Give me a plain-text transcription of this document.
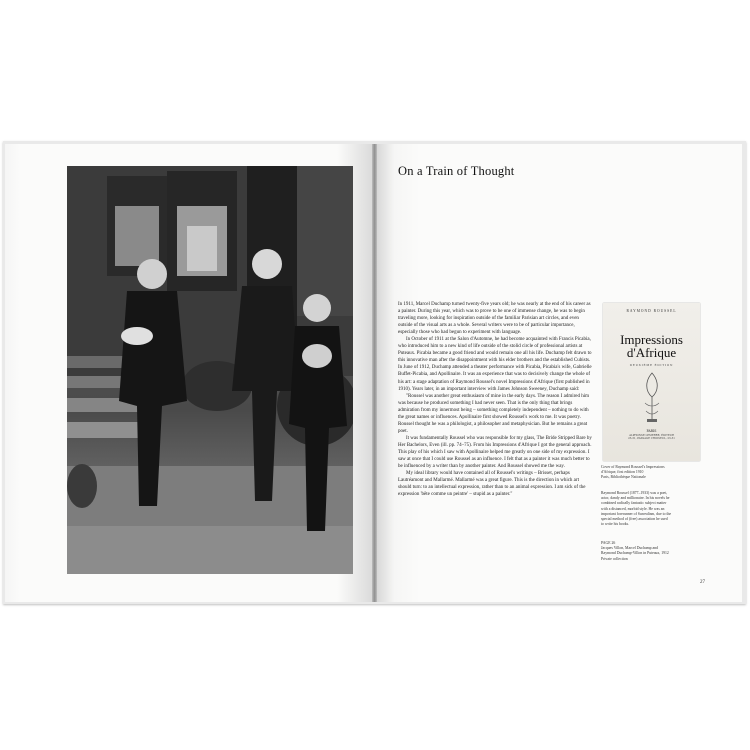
On a Train of Thought

In 1911, Marcel Duchamp turned twenty-five years old; he was nearly at the end of his career as a painter. During this year, which was to prove to be one of immense change, he was to begin traveling more, looking for inspiration outside of the familiar Parisian art circles, and even outside of the visual arts as a whole. Several writers were to be of particular importance, especially those who had begun to experiment with language.

In October of 1911 at the Salon d'Automne, he had become acquainted with Francis Picabia, who introduced him to a new kind of life outside of the stolid circle of professional artists at Puteaux. Picabia became a good friend and would remain one all his life. Duchamp felt drawn to this innovative man after the disappointment with his elder brothers and the established Cubists. In June of 1912, Duchamp attended a theater performance with Picabia, Picabia's wife, Gabrielle Buffet-Picabia, and Apollinaire. It was an experience that was to decisively change the whole of his art: a stage adaptation of Raymond Roussel's novel Impressions d'Afrique (first published in 1910). Years later, in an important interview with James Johnson Sweeney, Duchamp said:

"Roussel was another great enthusiasm of mine in the early days. The reason I admired him was because he produced something I had never seen. That is the only thing that brings admiration from my innermost being – something completely independent – nothing to do with the great names or influences. Apollinaire first showed Roussel's work to me. It was poetry. Roussel thought he was a philologist, a philosopher and metaphysician. But he remains a great poet.

It was fundamentally Roussel who was responsible for my glass, The Bride Stripped Bare by Her Bachelors, Even (ill. pp. 74–75). From his Impressions d'Afrique I got the general approach. This play of his which I saw with Apollinaire helped me greatly on one side of my expression. I saw at once that I could use Roussel as an influence. I felt that as a painter it was much better to be influenced by a writer than by another painter. And Roussel showed me the way.

My ideal library would have contained all of Roussel's writings – Brisset, perhaps Lautréamont and Mallarmé. Mallarmé was a great figure. This is the direction in which art should turn: to an intellectual expression, rather than to an animal expression. I am sick of the expression 'bête comme un peintre' – stupid as a painter."

RAYMOND ROUSSEL
Impressions
d'Afrique
DEUXIÈME ÉDITION
PARIS
ALPHONSE LEMERRE, ÉDITEUR
23-31, PASSAGE CHOISEUL, 23-31

Cover of Raymond Roussel's Impressions

d'Afrique, first edition 1910

Paris, Bibliothèque Nationale

Raymond Roussel (1877–1933) was a poet,

actor, dandy and millionaire. In his novels he

combined radically fantastic subject matter

with a distanced, morbid style. He was an

important forerunner of Surrealism, due to the

special method of (free) association he used

to write his books.

PAGE 26

Jacques Villon, Marcel Duchamp and

Raymond Duchamp-Villon in Puteaux, 1912

Private collection

27
